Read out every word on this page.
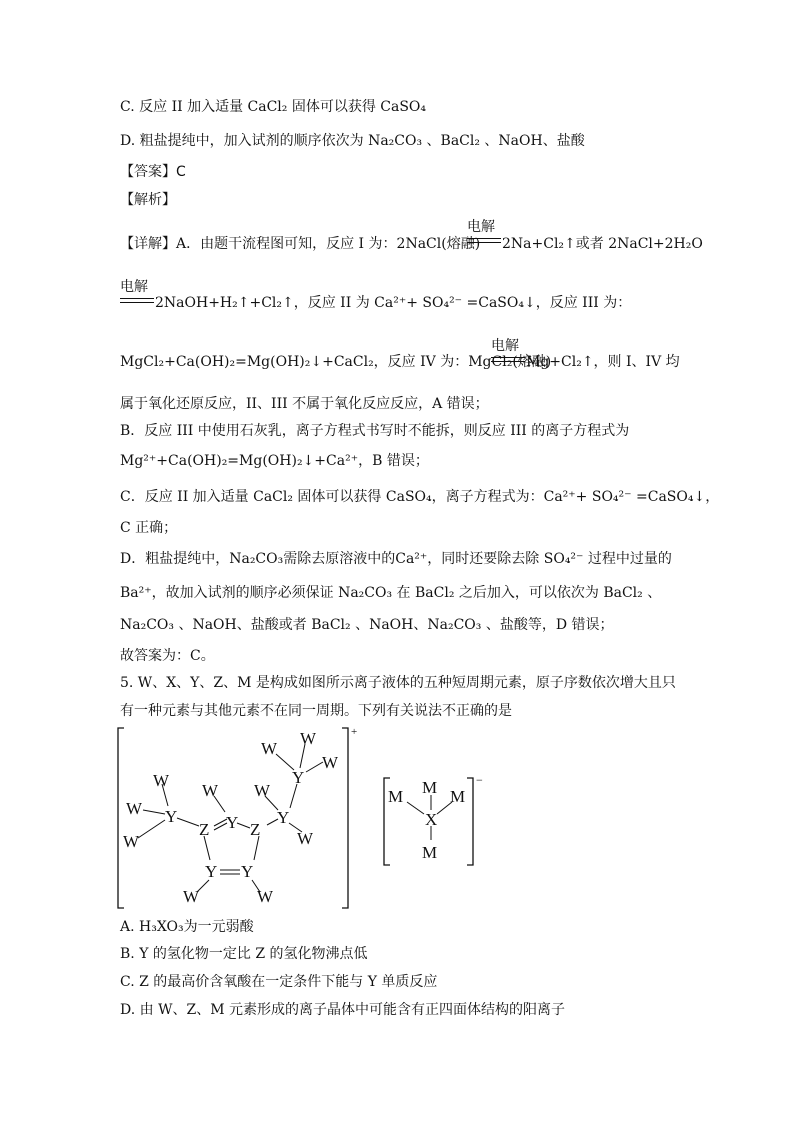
C. 反应 II 加入适量 CaCl₂ 固体可以获得 CaSO₄
D. 粗盐提纯中，加入试剂的顺序依次为 Na₂CO₃ 、BaCl₂ 、NaOH、盐酸
【答案】C
【解析】
【详解】A．由题干流程图可知，反应 I 为：2NaCl(熔融)
电解
2Na+Cl₂↑或者 2NaCl+2H₂O
电解
2NaOH+H₂↑+Cl₂↑，反应 II 为 Ca²⁺+ SO₄²⁻ =CaSO₄↓，反应 III 为：
MgCl₂+Ca(OH)₂=Mg(OH)₂↓+CaCl₂，反应 IV 为：MgCl₂(熔融)
电解
Mg+Cl₂↑，则 I、IV 均
属于氧化还原反应，II、III 不属于氧化反应反应，A 错误；
B．反应 III 中使用石灰乳，离子方程式书写时不能拆，则反应 III 的离子方程式为
Mg²⁺+Ca(OH)₂=Mg(OH)₂↓+Ca²⁺，B 错误；
C．反应 II 加入适量 CaCl₂ 固体可以获得 CaSO₄，离子方程式为：Ca²⁺+ SO₄²⁻ =CaSO₄↓，
C 正确；
D．粗盐提纯中，Na₂CO₃需除去原溶液中的Ca²⁺，同时还要除去除 SO₄²⁻ 过程中过量的
Ba²⁺，故加入试剂的顺序必须保证 Na₂CO₃ 在 BaCl₂ 之后加入，可以依次为 BaCl₂ 、
Na₂CO₃ 、NaOH、盐酸或者 BaCl₂ 、NaOH、Na₂CO₃ 、盐酸等，D 错误；
故答案为：C。
5. W、X、Y、Z、M 是构成如图所示离子液体的五种短周期元素，原子序数依次增大且只
有一种元素与其他元素不在同一周期。下列有关说法不正确的是
+
W
W
W
Y
W
Z Y Z
Y Y
W	W
W
Y
W
Y
W
W
W
−
M
M	M
X
M
A. H₃XO₃为一元弱酸
B. Y 的氢化物一定比 Z 的氢化物沸点低
C. Z 的最高价含氧酸在一定条件下能与 Y 单质反应
D. 由 W、Z、M 元素形成的离子晶体中可能含有正四面体结构的阳离子
